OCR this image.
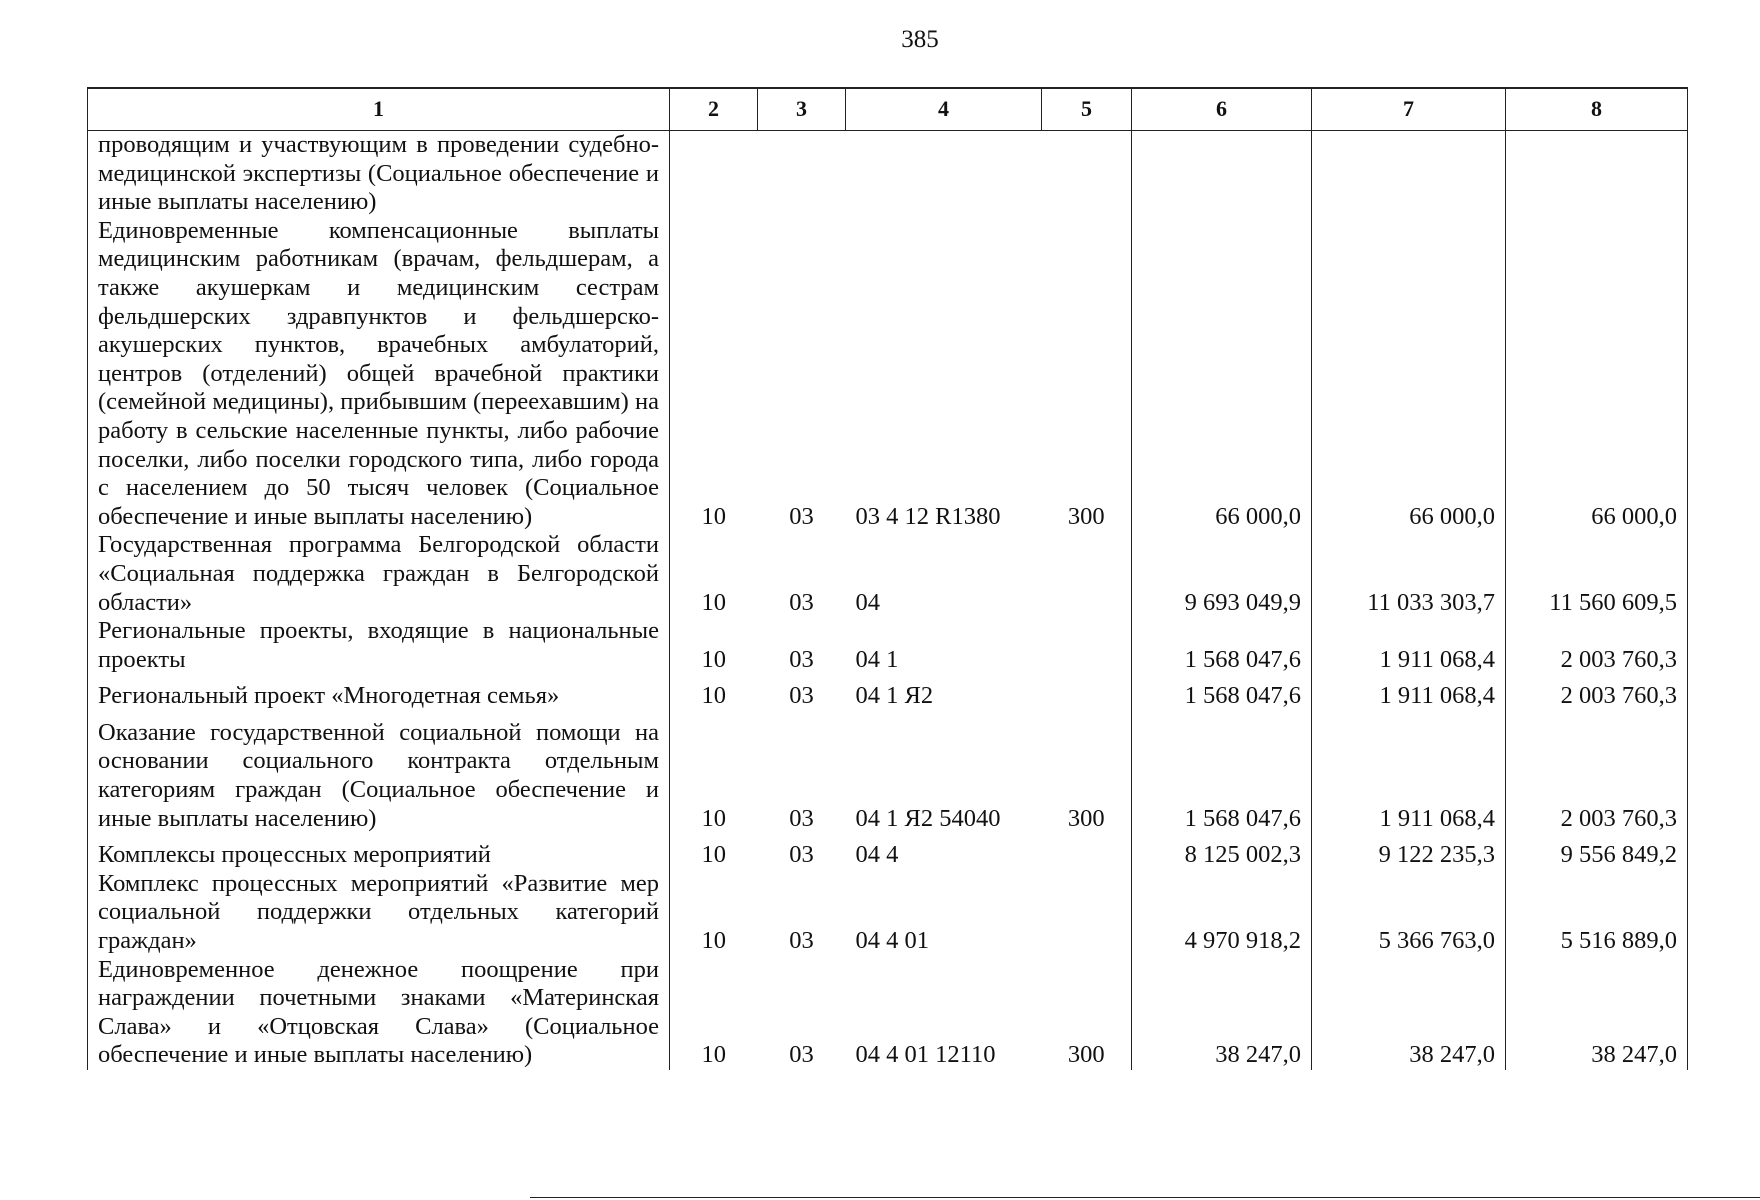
385
1	2	3	4	5	6	7	8
проводящим и участвующим в проведении судебно-медицинской экспертизы (Социальное обеспечение и иные выплаты населению)							
Единовременные компенсационные выплаты медицинским работникам (врачам, фельдшерам, а также акушеркам и медицинским сестрам фельдшерских здравпунктов и фельдшерско-акушерских пунктов, врачебных амбулаторий, центров (отделений) общей врачебной практики (семейной медицины), прибывшим (переехавшим) на работу в сельские населенные пункты, либо рабочие поселки, либо поселки городского типа, либо города с населением до 50 тысяч человек (Социальное обеспечение и иные выплаты населению)	10	03	03 4 12 R1380	300	66 000,0	66 000,0	66 000,0
Государственная программа Белгородской области «Социальная поддержка граждан в Белгородской области»	10	03	04		9 693 049,9	11 033 303,7	11 560 609,5
Региональные проекты, входящие в национальные проекты	10	03	04 1		1 568 047,6	1 911 068,4	2 003 760,3
Региональный проект «Многодетная семья»	10	03	04 1 Я2		1 568 047,6	1 911 068,4	2 003 760,3
Оказание государственной социальной помощи на основании социального контракта отдельным категориям граждан (Социальное обеспечение и иные выплаты населению)	10	03	04 1 Я2 54040	300	1 568 047,6	1 911 068,4	2 003 760,3
Комплексы процессных мероприятий	10	03	04 4		8 125 002,3	9 122 235,3	9 556 849,2
Комплекс процессных мероприятий «Развитие мер социальной поддержки отдельных категорий граждан»	10	03	04 4 01		4 970 918,2	5 366 763,0	5 516 889,0
Единовременное денежное поощрение при награждении почетными знаками «Материнская Слава» и «Отцовская Слава» (Социальное обеспечение и иные выплаты населению)	10	03	04 4 01 12110	300	38 247,0	38 247,0	38 247,0
